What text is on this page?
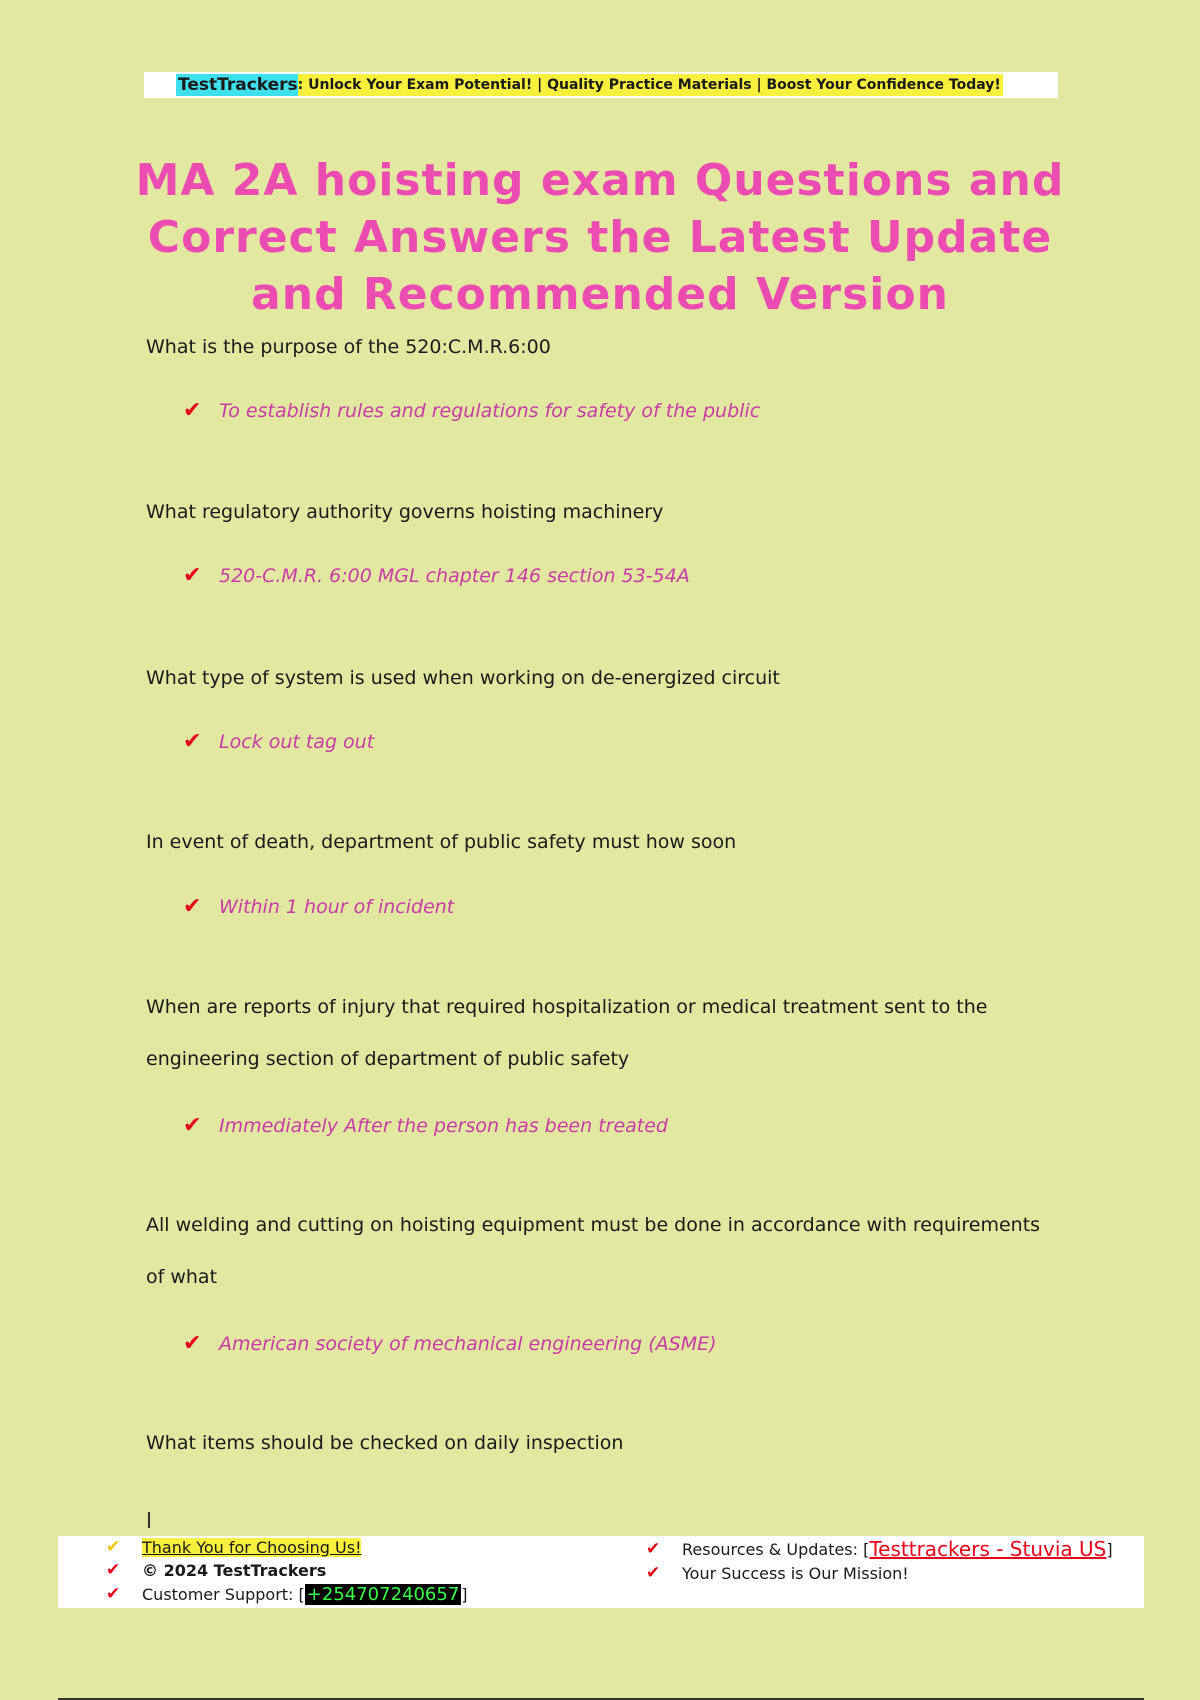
TestTrackers : Unlock Your Exam Potential! | Quality Practice Materials | Boost Your Confidence Today!
MA 2A hoisting exam Questions and Correct Answers the Latest Update and Recommended Version
What is the purpose of the 520:C.M.R.6:00
✔ To establish rules and regulations for safety of the public
What regulatory authority governs hoisting machinery
✔ 520-C.M.R. 6:00 MGL chapter 146 section 53-54A
What type of system is used when working on de-energized circuit
✔ Lock out tag out
In event of death, department of public safety must how soon
✔ Within 1 hour of incident
When are reports of injury that required hospitalization or medical treatment sent to the engineering section of department of public safety
✔ Immediately After the person has been treated
All welding and cutting on hoisting equipment must be done in accordance with requirements of what
✔ American society of mechanical engineering (ASME)
What items should be checked on daily inspection
✔	Thank You for Choosing Us!
✔	© 2024 TestTrackers
✔	Customer Support: [ +254707240657 ]
✔	Resources & Updates: [ Testtrackers - Stuvia US ]
✔	Your Success is Our Mission!
